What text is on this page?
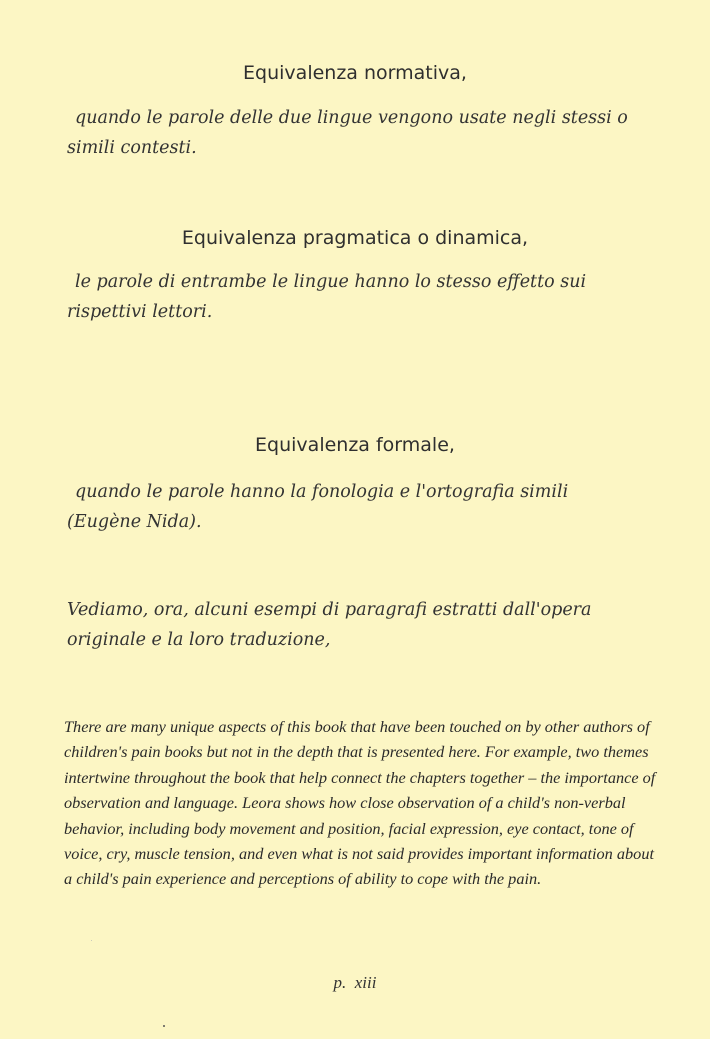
Equivalenza normativa,

quando le parole delle due lingue vengono usate negli stessi o simili contesti.

Equivalenza pragmatica o dinamica,

le parole di entrambe le lingue hanno lo stesso effetto sui rispettivi lettori.

Equivalenza formale,

quando le parole hanno la fonologia e l'ortografia simili (Eugène Nida).

Vediamo, ora, alcuni esempi di paragrafi estratti dall'opera originale e la loro traduzione,

There are many unique aspects of this book that have been touched on by other authors of children's pain books but not in the depth that is presented here. For example, two themes intertwine throughout the book that help connect the chapters together – the importance of observation and language. Leora shows how close observation of a child's non-verbal behavior, including body movement and position, facial expression, eye contact, tone of voice, cry, muscle tension, and even what is not said provides important information about a child's pain experience and perceptions of ability to cope with the pain.

p.  xiii
